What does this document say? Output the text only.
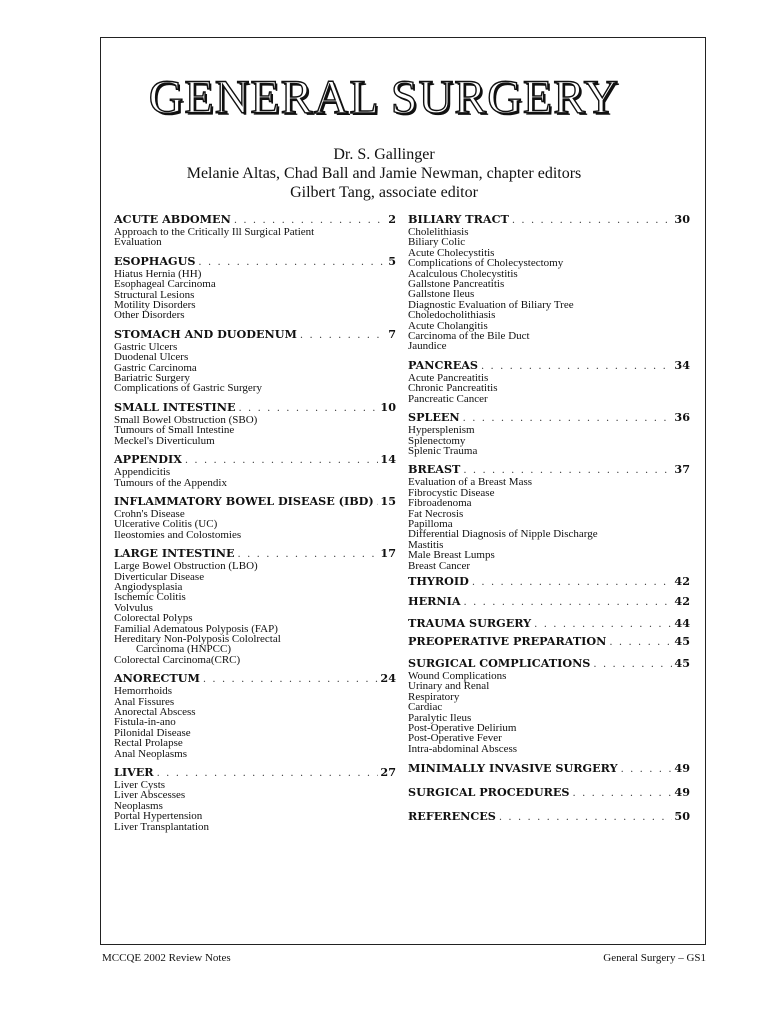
GENERAL SURGERY
Dr. S. Gallinger
Melanie Altas, Chad Ball and Jamie Newman, chapter editors
Gilbert Tang, associate editor
ACUTE ABDOMEN . . .	2
Approach to the Critically Ill Surgical Patient
Evaluation
ESOPHAGUS . . .	5
Hiatus Hernia (HH)
Esophageal Carcinoma
Structural Lesions
Motility Disorders
Other Disorders
STOMACH AND DUODENUM . . .	7
Gastric Ulcers
Duodenal Ulcers
Gastric Carcinoma
Bariatric Surgery
Complications of Gastric Surgery
SMALL INTESTINE . . .	10
Small Bowel Obstruction (SBO)
Tumours of Small Intestine
Meckel's Diverticulum
APPENDIX . . .	14
Appendicitis
Tumours of the Appendix
INFLAMMATORY BOWEL DISEASE (IBD) . . . 15
Crohn's Disease
Ulcerative Colitis (UC)
Ileostomies and Colostomies
LARGE INTESTINE . . .	17
Large Bowel Obstruction (LBO)
Diverticular Disease
Angiodysplasia
Ischemic Colitis
Volvulus
Colorectal Polyps
Familial Adematous Polyposis (FAP)
Hereditary Non-Polyposis Cololrectal
Carcinoma (HNPCC)
Colorectal Carcinoma(CRC)
ANORECTUM . . .	24
Hemorrhoids
Anal Fissures
Anorectal Abscess
Fistula-in-ano
Pilonidal Disease
Rectal Prolapse
Anal Neoplasms
LIVER . . .	27
Liver Cysts
Liver Abscesses
Neoplasms
Portal Hypertension
Liver Transplantation
BILIARY TRACT . . .	30
Cholelithiasis
Biliary Colic
Acute Cholecystitis
Complications of Cholecystectomy
Acalculous Cholecystitis
Gallstone Pancreatitis
Gallstone Ileus
Diagnostic Evaluation of Biliary Tree
Choledocholithiasis
Acute Cholangitis
Carcinoma of the Bile Duct
Jaundice
PANCREAS . . .	34
Acute Pancreatitis
Chronic Pancreatitis
Pancreatic Cancer
SPLEEN . . .	36
Hypersplenism
Splenectomy
Splenic Trauma
BREAST . . .	37
Evaluation of a Breast Mass
Fibrocystic Disease
Fibroadenoma
Fat Necrosis
Papilloma
Differential Diagnosis of Nipple Discharge
Mastitis
Male Breast Lumps
Breast Cancer
THYROID . . .	42
HERNIA . . .	42
TRAUMA SURGERY . . .	44
PREOPERATIVE PREPARATION . . .	45
SURGICAL COMPLICATIONS . . .	45
Wound Complications
Urinary and Renal
Respiratory
Cardiac
Paralytic Ileus
Post-Operative Delirium
Post-Operative Fever
Intra-abdominal Abscess
MINIMALLY INVASIVE SURGERY . . .	49
SURGICAL PROCEDURES . . .	49
REFERENCES . . .	50
MCCQE 2002 Review Notes	General Surgery – GS1
